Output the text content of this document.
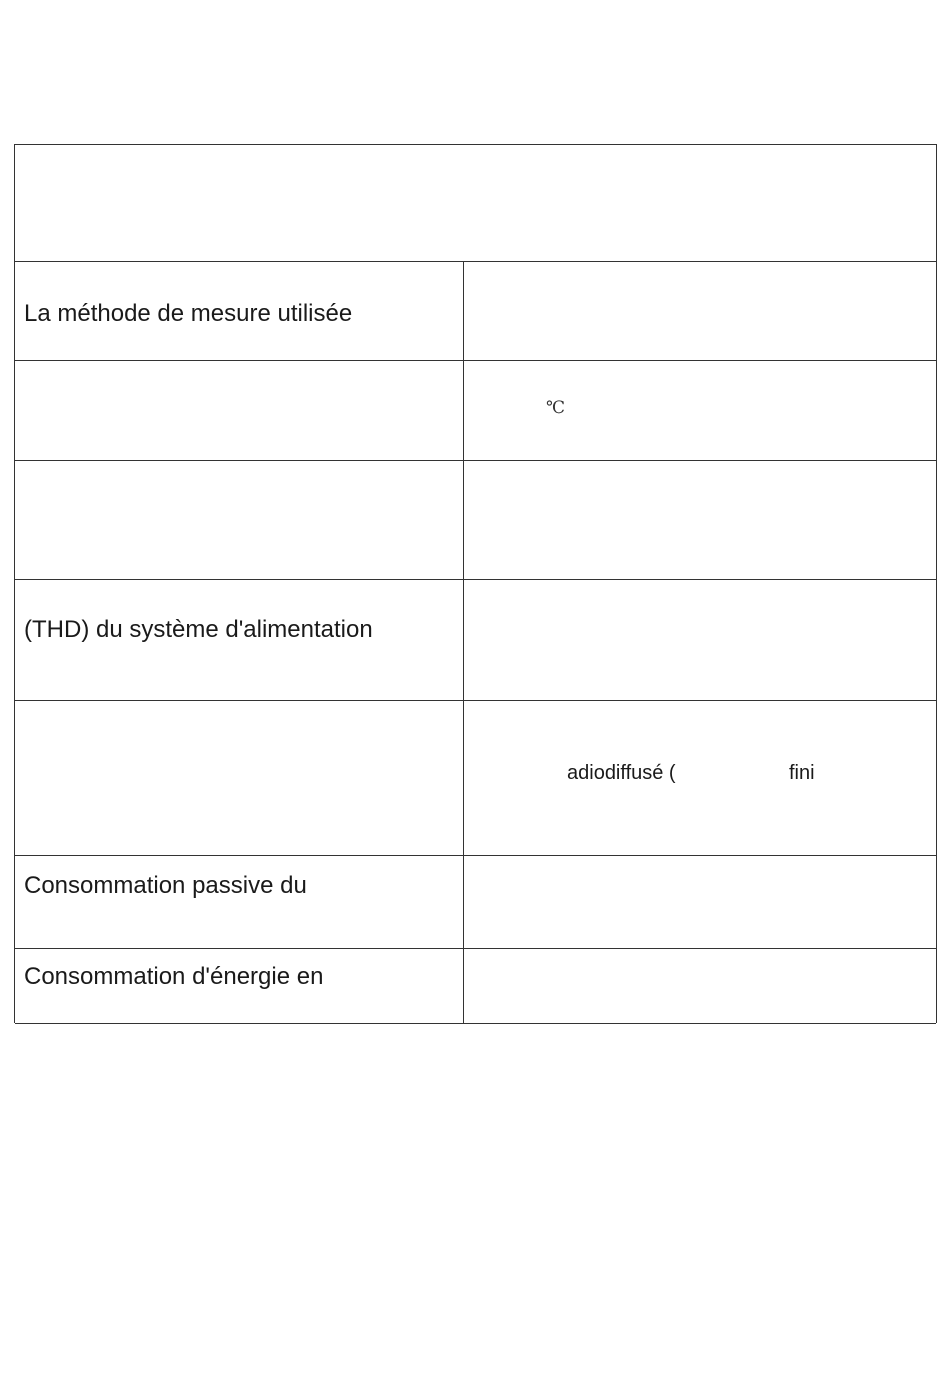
La méthode de mesure utilisée
℃
(THD) du système d'alimentation
adiodiffusé (	fini
Consommation passive du
Consommation d'énergie en
